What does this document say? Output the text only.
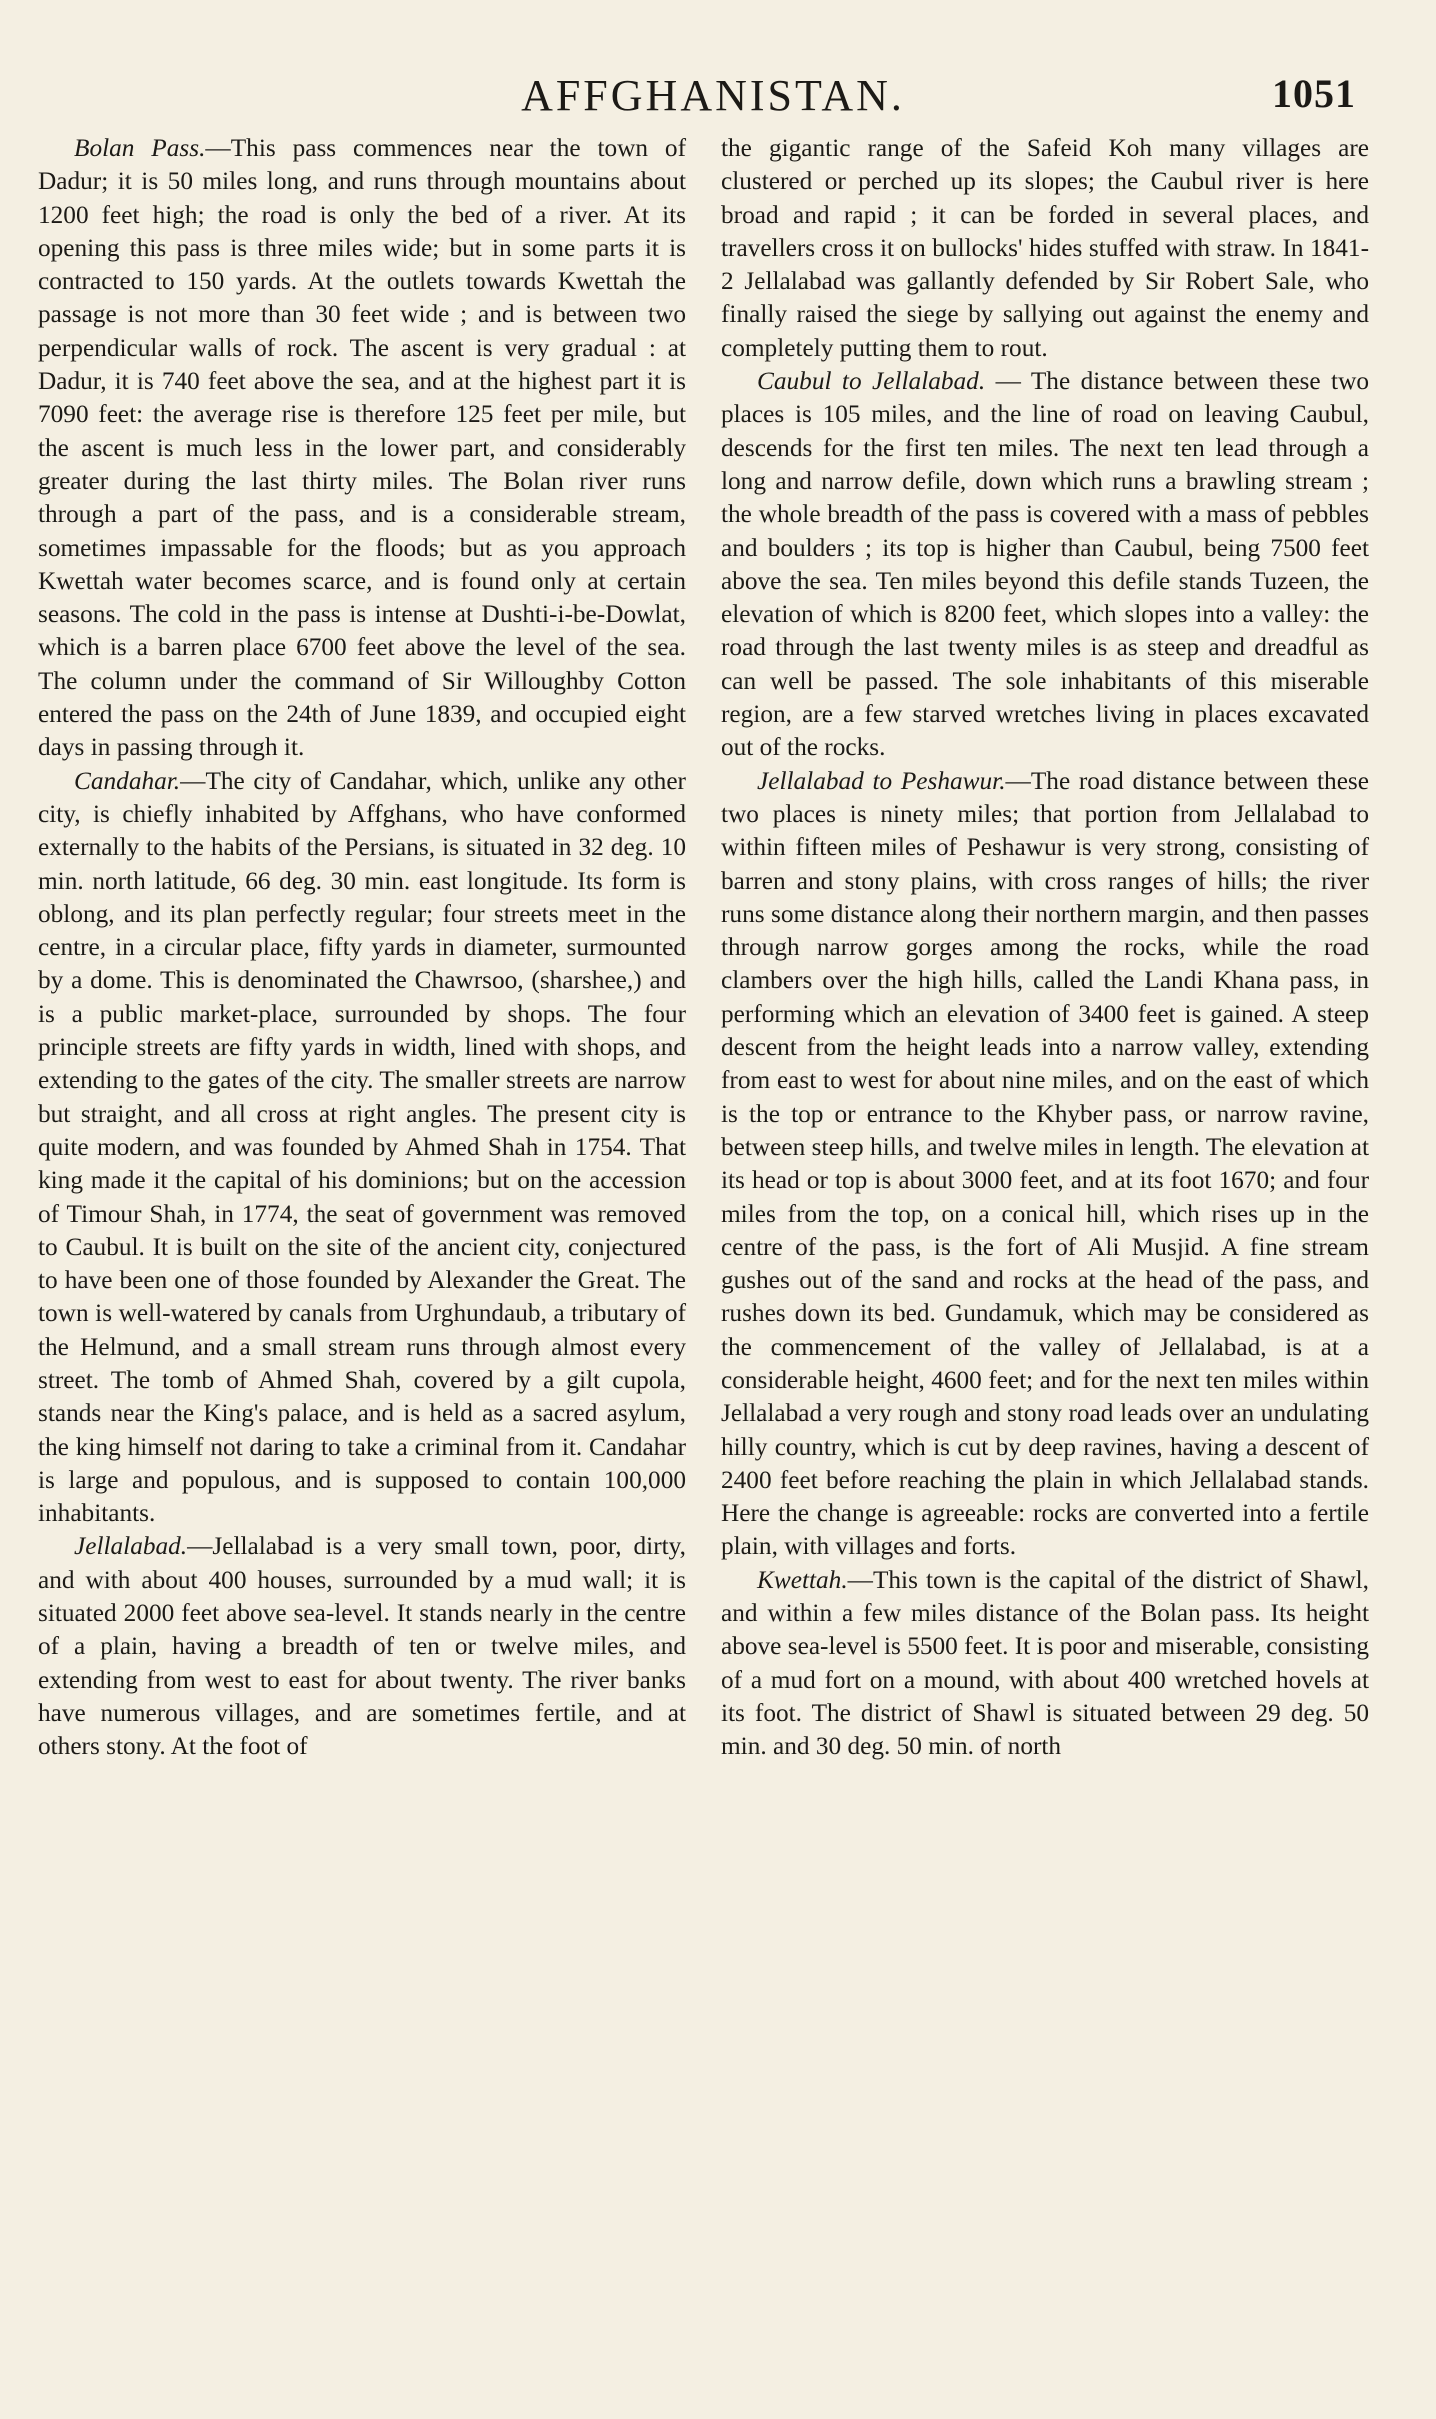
AFFGHANISTAN.	1051

Bolan Pass.—This pass commences near the town of Dadur; it is 50 miles long, and runs through mountains about 1200 feet high; the road is only the bed of a river. At its opening this pass is three miles wide; but in some parts it is contracted to 150 yards. At the outlets towards Kwettah the passage is not more than 30 feet wide ; and is between two perpendicular walls of rock. The ascent is very gradual : at Dadur, it is 740 feet above the sea, and at the highest part it is 7090 feet: the average rise is therefore 125 feet per mile, but the ascent is much less in the lower part, and considerably greater during the last thirty miles. The Bolan river runs through a part of the pass, and is a considerable stream, sometimes impassable for the floods; but as you approach Kwettah water becomes scarce, and is found only at certain seasons. The cold in the pass is intense at Dushti-i-be-Dowlat, which is a barren place 6700 feet above the level of the sea. The column under the command of Sir Willoughby Cotton entered the pass on the 24th of June 1839, and occupied eight days in passing through it.

Candahar.—The city of Candahar, which, unlike any other city, is chiefly inhabited by Affghans, who have conformed externally to the habits of the Persians, is situated in 32 deg. 10 min. north latitude, 66 deg. 30 min. east longitude. Its form is oblong, and its plan perfectly regular; four streets meet in the centre, in a circular place, fifty yards in diameter, surmounted by a dome. This is denominated the Chawrsoo, (sharshee,) and is a public market-place, surrounded by shops. The four principle streets are fifty yards in width, lined with shops, and extending to the gates of the city. The smaller streets are narrow but straight, and all cross at right angles. The present city is quite modern, and was founded by Ahmed Shah in 1754. That king made it the capital of his dominions; but on the accession of Timour Shah, in 1774, the seat of government was removed to Caubul. It is built on the site of the ancient city, conjectured to have been one of those founded by Alexander the Great. The town is well-watered by canals from Urghundaub, a tributary of the Helmund, and a small stream runs through almost every street. The tomb of Ahmed Shah, covered by a gilt cupola, stands near the King's palace, and is held as a sacred asylum, the king himself not daring to take a criminal from it. Candahar is large and populous, and is supposed to contain 100,000 inhabitants.

Jellalabad.—Jellalabad is a very small town, poor, dirty, and with about 400 houses, surrounded by a mud wall; it is situated 2000 feet above sea-level. It stands nearly in the centre of a plain, having a breadth of ten or twelve miles, and extending from west to east for about twenty. The river banks have numerous villages, and are sometimes fertile, and at others stony. At the foot of

the gigantic range of the Safeid Koh many villages are clustered or perched up its slopes; the Caubul river is here broad and rapid ; it can be forded in several places, and travellers cross it on bullocks' hides stuffed with straw. In 1841-2 Jellalabad was gallantly defended by Sir Robert Sale, who finally raised the siege by sallying out against the enemy and completely putting them to rout.

Caubul to Jellalabad. — The distance between these two places is 105 miles, and the line of road on leaving Caubul, descends for the first ten miles. The next ten lead through a long and narrow defile, down which runs a brawling stream ; the whole breadth of the pass is covered with a mass of pebbles and boulders ; its top is higher than Caubul, being 7500 feet above the sea. Ten miles beyond this defile stands Tuzeen, the elevation of which is 8200 feet, which slopes into a valley: the road through the last twenty miles is as steep and dreadful as can well be passed. The sole inhabitants of this miserable region, are a few starved wretches living in places excavated out of the rocks.

Jellalabad to Peshawur.—The road distance between these two places is ninety miles; that portion from Jellalabad to within fifteen miles of Peshawur is very strong, consisting of barren and stony plains, with cross ranges of hills; the river runs some distance along their northern margin, and then passes through narrow gorges among the rocks, while the road clambers over the high hills, called the Landi Khana pass, in performing which an elevation of 3400 feet is gained. A steep descent from the height leads into a narrow valley, extending from east to west for about nine miles, and on the east of which is the top or entrance to the Khyber pass, or narrow ravine, between steep hills, and twelve miles in length. The elevation at its head or top is about 3000 feet, and at its foot 1670; and four miles from the top, on a conical hill, which rises up in the centre of the pass, is the fort of Ali Musjid. A fine stream gushes out of the sand and rocks at the head of the pass, and rushes down its bed. Gundamuk, which may be considered as the commencement of the valley of Jellalabad, is at a considerable height, 4600 feet; and for the next ten miles within Jellalabad a very rough and stony road leads over an undulating hilly country, which is cut by deep ravines, having a descent of 2400 feet before reaching the plain in which Jellalabad stands. Here the change is agreeable: rocks are converted into a fertile plain, with villages and forts.

Kwettah.—This town is the capital of the district of Shawl, and within a few miles distance of the Bolan pass. Its height above sea-level is 5500 feet. It is poor and miserable, consisting of a mud fort on a mound, with about 400 wretched hovels at its foot. The district of Shawl is situated between 29 deg. 50 min. and 30 deg. 50 min. of north
